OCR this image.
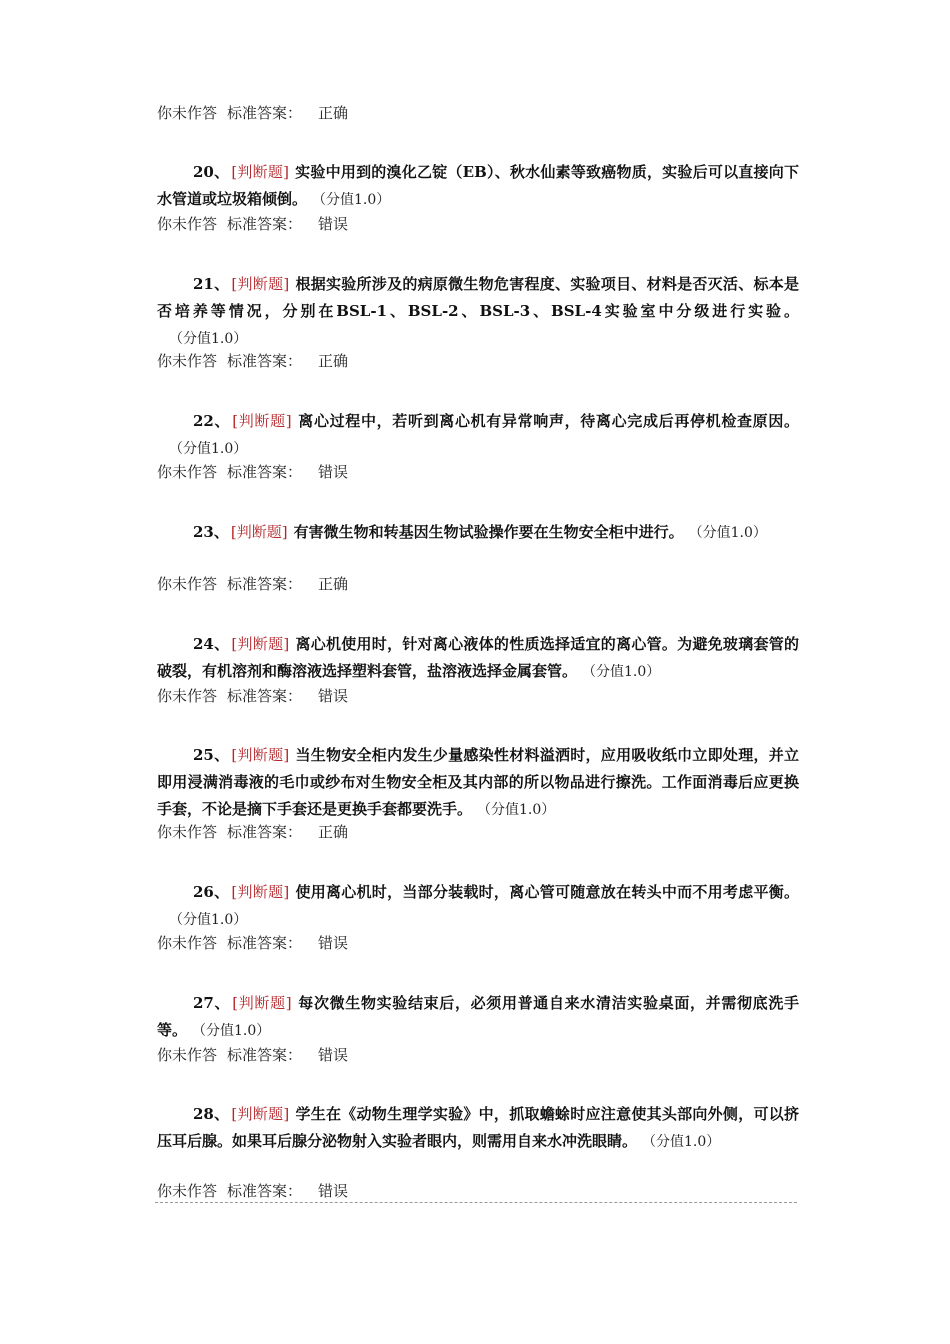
你未作答 标准答案： 正确
20、 [判断题] 实验中用到的溴化乙锭（EB）、秋水仙素等致癌物质，实验后可以直接向下水管道或垃圾箱倾倒。 （分值1.0）
你未作答 标准答案： 错误
21、 [判断题] 根据实验所涉及的病原微生物危害程度、实验项目、材料是否灭活、标本是否培养等情况，分别在BSL-1、BSL-2、BSL-3、BSL-4实验室中分级进行实验。（分值1.0）
你未作答 标准答案： 正确
22、 [判断题] 离心过程中，若听到离心机有异常响声，待离心完成后再停机检查原因。（分值1.0）
你未作答 标准答案： 错误
23、 [判断题] 有害微生物和转基因生物试验操作要在生物安全柜中进行。 （分值1.0）
你未作答 标准答案： 正确
24、 [判断题] 离心机使用时，针对离心液体的性质选择适宜的离心管。为避免玻璃套管的破裂，有机溶剂和酶溶液选择塑料套管，盐溶液选择金属套管。 （分值1.0）
你未作答 标准答案： 错误
25、 [判断题] 当生物安全柜内发生少量感染性材料溢洒时，应用吸收纸巾立即处理，并立即用浸满消毒液的毛巾或纱布对生物安全柜及其内部的所以物品进行擦洗。工作面消毒后应更换手套，不论是摘下手套还是更换手套都要洗手。 （分值1.0）
你未作答 标准答案： 正确
26、 [判断题] 使用离心机时，当部分装载时，离心管可随意放在转头中而不用考虑平衡。（分值1.0）
你未作答 标准答案： 错误
27、 [判断题] 每次微生物实验结束后，必须用普通自来水清洁实验桌面，并需彻底洗手等。 （分值1.0）
你未作答 标准答案： 错误
28、 [判断题] 学生在《动物生理学实验》中，抓取蟾蜍时应注意使其头部向外侧，可以挤压耳后腺。如果耳后腺分泌物射入实验者眼内，则需用自来水冲洗眼睛。 （分值1.0）
你未作答 标准答案： 错误
